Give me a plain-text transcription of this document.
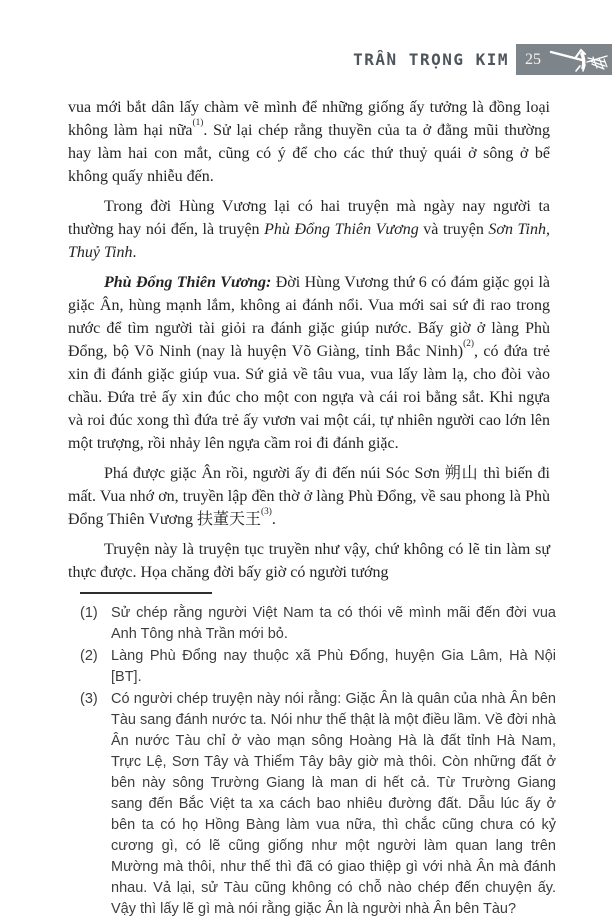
TRẦN TRỌNG KIM 25

vua mới bắt dân lấy chàm vẽ mình để những giống ấy tưởng là đồng loại không làm hại nữa$^{(1)}$. Sử lại chép rằng thuyền của ta ở đằng mũi thường hay làm hai con mắt, cũng có ý để cho các thứ thuỷ quái ở sông ở bể không quấy nhiễu đến.

Trong đời Hùng Vương lại có hai truyện mà ngày nay người ta thường hay nói đến, là truyện Phù Đổng Thiên Vương và truyện Sơn Tinh, Thuỷ Tinh.

Phù Đổng Thiên Vương: Đời Hùng Vương thứ 6 có đám giặc gọi là giặc Ân, hùng mạnh lắm, không ai đánh nổi. Vua mới sai sứ đi rao trong nước để tìm người tài giỏi ra đánh giặc giúp nước. Bấy giờ ở làng Phù Đổng, bộ Võ Ninh (nay là huyện Võ Giàng, tỉnh Bắc Ninh)$^{(2)}$, có đứa trẻ xin đi đánh giặc giúp vua. Sứ giả về tâu vua, vua lấy làm lạ, cho đòi vào chầu. Đứa trẻ ấy xin đúc cho một con ngựa và cái roi bằng sắt. Khi ngựa và roi đúc xong thì đứa trẻ ấy vươn vai một cái, tự nhiên người cao lớn lên một trượng, rồi nhảy lên ngựa cầm roi đi đánh giặc.

Phá được giặc Ân rồi, người ấy đi đến núi Sóc Sơn 朔山 thì biến đi mất. Vua nhớ ơn, truyền lập đền thờ ở làng Phù Đổng, về sau phong là Phù Đổng Thiên Vương 扶董天王$^{(3)}$.

Truyện này là truyện tục truyền như vậy, chứ không có lẽ tin làm sự thực được. Họa chăng đời bấy giờ có người tướng

(1) Sử chép rằng người Việt Nam ta có thói vẽ mình mãi đến đời vua Anh Tông nhà Trần mới bỏ.
(2) Làng Phù Đổng nay thuộc xã Phù Đổng, huyện Gia Lâm, Hà Nội [BT].
(3) Có người chép truyện này nói rằng: Giặc Ân là quân của nhà Ân bên Tàu sang đánh nước ta. Nói như thế thật là một điều lầm. Về đời nhà Ân nước Tàu chỉ ở vào mạn sông Hoàng Hà là đất tỉnh Hà Nam, Trực Lệ, Sơn Tây và Thiểm Tây bây giờ mà thôi. Còn những đất ở bên này sông Trường Giang là man di hết cả. Từ Trường Giang sang đến Bắc Việt ta xa cách bao nhiêu đường đất. Dẫu lúc ấy ở bên ta có họ Hồng Bàng làm vua nữa, thì chắc cũng chưa có kỷ cương gì, có lẽ cũng giống như một người làm quan lang trên Mường mà thôi, như thế thì đã có giao thiệp gì với nhà Ân mà đánh nhau. Vả lại, sử Tàu cũng không có chỗ nào chép đến chuyện ấy. Vậy thì lấy lẽ gì mà nói rằng giặc Ân là người nhà Ân bên Tàu?
